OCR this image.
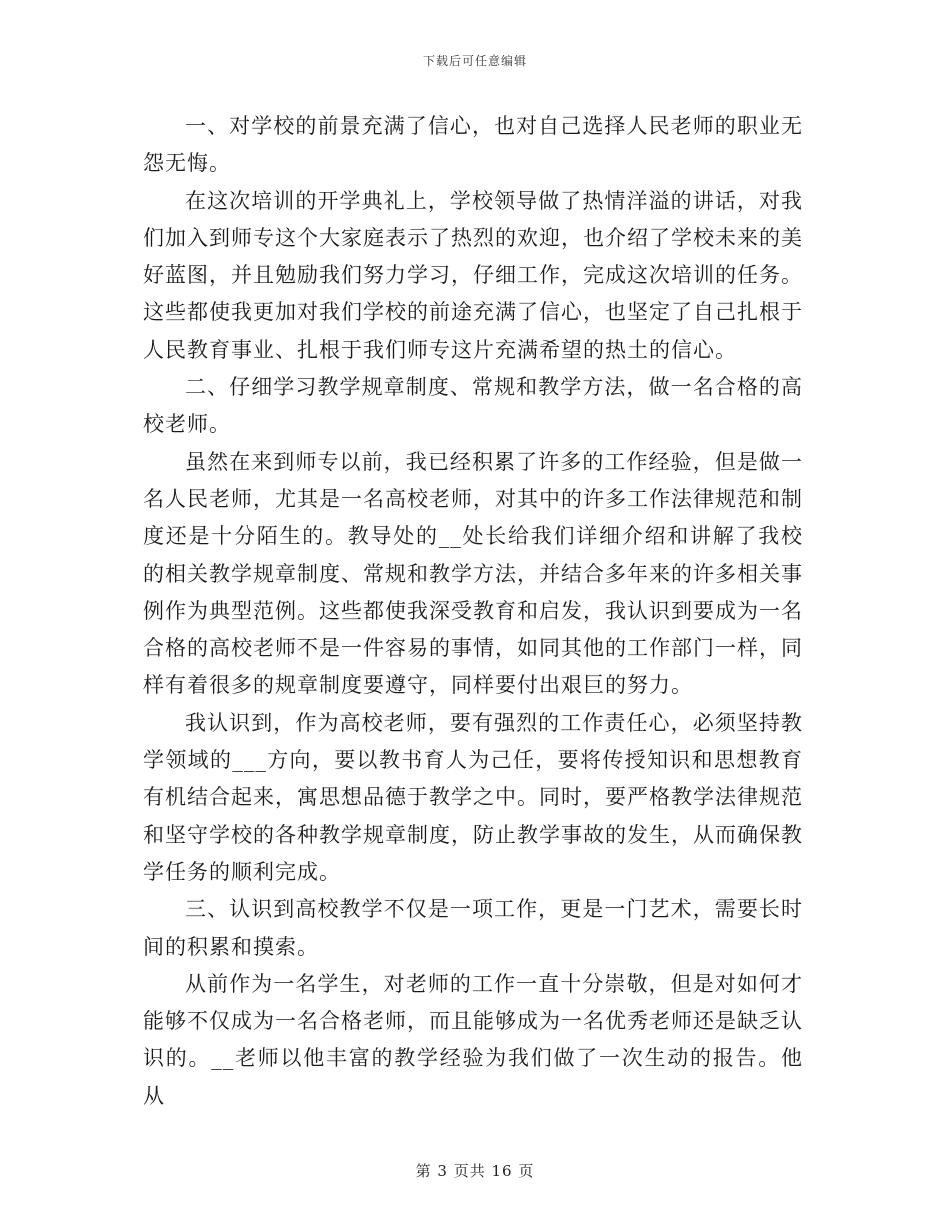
下载后可任意编辑

一、对学校的前景充满了信心，也对自己选择人民老师的职业无怨无悔。

在这次培训的开学典礼上，学校领导做了热情洋溢的讲话，对我们加入到师专这个大家庭表示了热烈的欢迎，也介绍了学校未来的美好蓝图，并且勉励我们努力学习，仔细工作，完成这次培训的任务。这些都使我更加对我们学校的前途充满了信心，也坚定了自己扎根于人民教育事业、扎根于我们师专这片充满希望的热土的信心。

二、仔细学习教学规章制度、常规和教学方法，做一名合格的高校老师。

虽然在来到师专以前，我已经积累了许多的工作经验，但是做一名人民老师，尤其是一名高校老师，对其中的许多工作法律规范和制度还是十分陌生的。教导处的__处长给我们详细介绍和讲解了我校的相关教学规章制度、常规和教学方法，并结合多年来的许多相关事例作为典型范例。这些都使我深受教育和启发，我认识到要成为一名合格的高校老师不是一件容易的事情，如同其他的工作部门一样，同样有着很多的规章制度要遵守，同样要付出艰巨的努力。

我认识到，作为高校老师，要有强烈的工作责任心，必须坚持教学领域的___方向，要以教书育人为己任，要将传授知识和思想教育有机结合起来，寓思想品德于教学之中。同时，要严格教学法律规范和坚守学校的各种教学规章制度，防止教学事故的发生，从而确保教学任务的顺利完成。

三、认识到高校教学不仅是一项工作，更是一门艺术，需要长时间的积累和摸索。

从前作为一名学生，对老师的工作一直十分崇敬，但是对如何才能够不仅成为一名合格老师，而且能够成为一名优秀老师还是缺乏认识的。__老师以他丰富的教学经验为我们做了一次生动的报告。他从

第 3 页共 16 页
